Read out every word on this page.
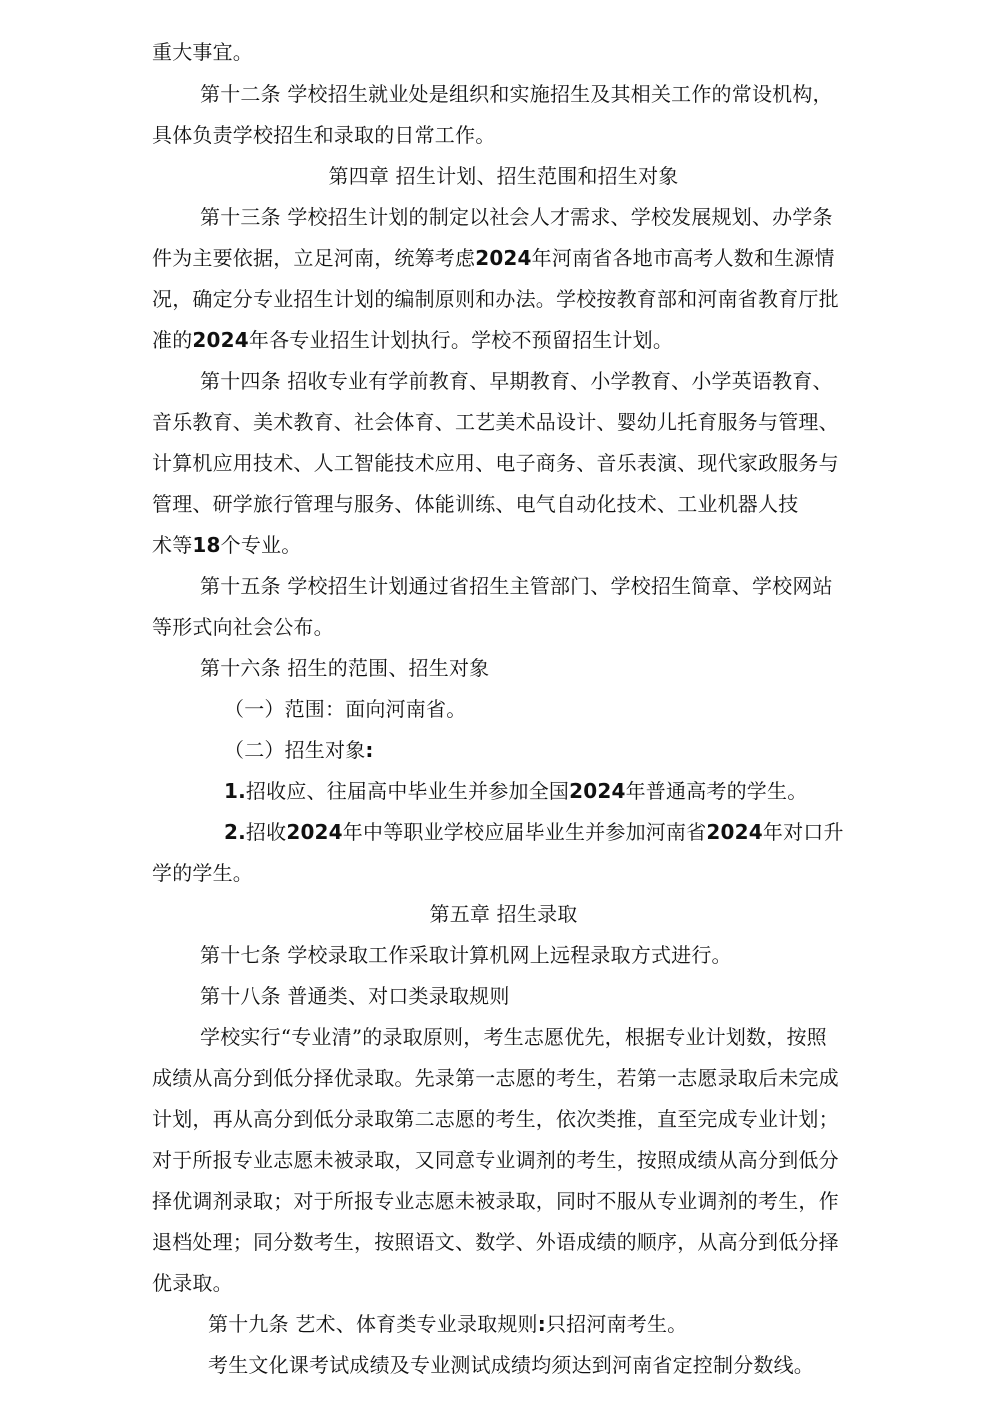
重大事宜。
第十二条 学校招生就业处是组织和实施招生及其相关工作的常设机构，
具体负责学校招生和录取的日常工作。
第四章 招生计划、招生范围和招生对象
第十三条 学校招生计划的制定以社会人才需求、学校发展规划、办学条
件为主要依据，立足河南，统筹考虑2024年河南省各地市高考人数和生源情
况，确定分专业招生计划的编制原则和办法。学校按教育部和河南省教育厅批
准的2024年各专业招生计划执行。学校不预留招生计划。
第十四条 招收专业有学前教育、早期教育、小学教育、小学英语教育、
音乐教育、美术教育、社会体育、工艺美术品设计、婴幼儿托育服务与管理、
计算机应用技术、人工智能技术应用、电子商务、音乐表演、现代家政服务与
管理、研学旅行管理与服务、体能训练、电气自动化技术、工业机器人技
术等18个专业。
第十五条 学校招生计划通过省招生主管部门、学校招生简章、学校网站
等形式向社会公布。
第十六条 招生的范围、招生对象
（一）范围：面向河南省。
（二）招生对象:
1.招收应、往届高中毕业生并参加全国2024年普通高考的学生。
2.招收2024年中等职业学校应届毕业生并参加河南省2024年对口升
学的学生。
第五章 招生录取
第十七条 学校录取工作采取计算机网上远程录取方式进行。
第十八条 普通类、对口类录取规则
学校实行“专业清”的录取原则，考生志愿优先，根据专业计划数，按照
成绩从高分到低分择优录取。先录第一志愿的考生，若第一志愿录取后未完成
计划，再从高分到低分录取第二志愿的考生，依次类推，直至完成专业计划；
对于所报专业志愿未被录取，又同意专业调剂的考生，按照成绩从高分到低分
择优调剂录取；对于所报专业志愿未被录取，同时不服从专业调剂的考生，作
退档处理；同分数考生，按照语文、数学、外语成绩的顺序，从高分到低分择
优录取。
第十九条 艺术、体育类专业录取规则:只招河南考生。
考生文化课考试成绩及专业测试成绩均须达到河南省定控制分数线。
